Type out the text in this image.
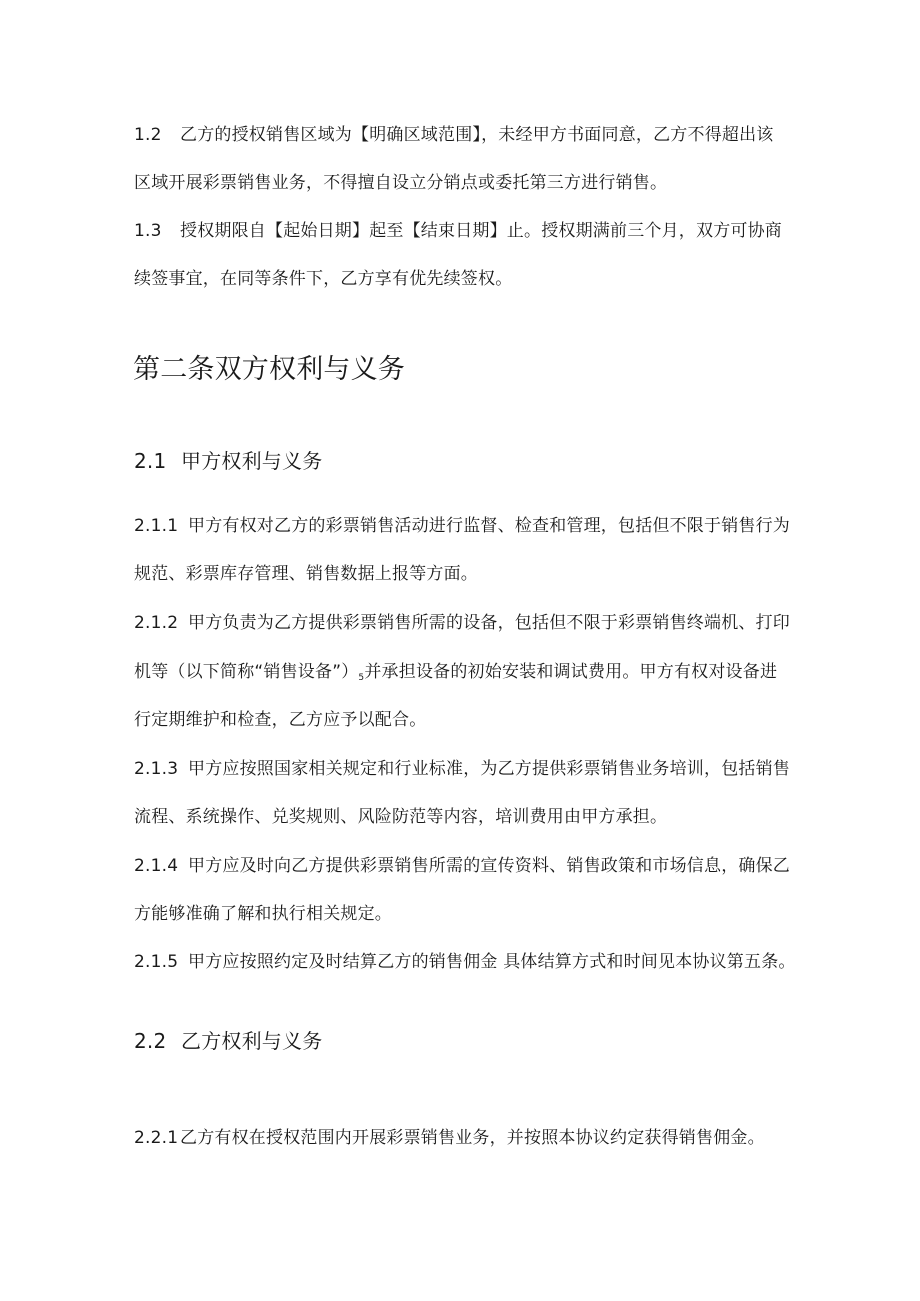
1.2 乙方的授权销售区域为【明确区域范围】，未经甲方书面同意，乙方不得超出该
区域开展彩票销售业务，不得擅自设立分销点或委托第三方进行销售。
1.3 授权期限自【起始日期】起至【结束日期】止。授权期满前三个月，双方可协商
续签事宜，在同等条件下，乙方享有优先续签权。
第二条双方权利与义务
2.1 甲方权利与义务
2.1.1 甲方有权对乙方的彩票销售活动进行监督、检查和管理，包括但不限于销售行为
规范、彩票库存管理、销售数据上报等方面。
2.1.2 甲方负责为乙方提供彩票销售所需的设备，包括但不限于彩票销售终端机、打印
机等（以下简称“销售设备$”)_5$并承担设备的初始安装和调试费用。甲方有权对设备进
行定期维护和检查，乙方应予以配合。
2.1.3 甲方应按照国家相关规定和行业标准，为乙方提供彩票销售业务培训，包括销售
流程、系统操作、兑奖规则、风险防范等内容，培训费用由甲方承担。
2.1.4 甲方应及时向乙方提供彩票销售所需的宣传资料、销售政策和市场信息，确保乙
方能够准确了解和执行相关规定。
2.1.5 甲方应按照约定及时结算乙方的销售佣金 具体结算方式和时间见本协议第五条。
2.2 乙方权利与义务
2.2.1 乙方有权在授权范围内开展彩票销售业务，并按照本协议约定获得销售佣金。
